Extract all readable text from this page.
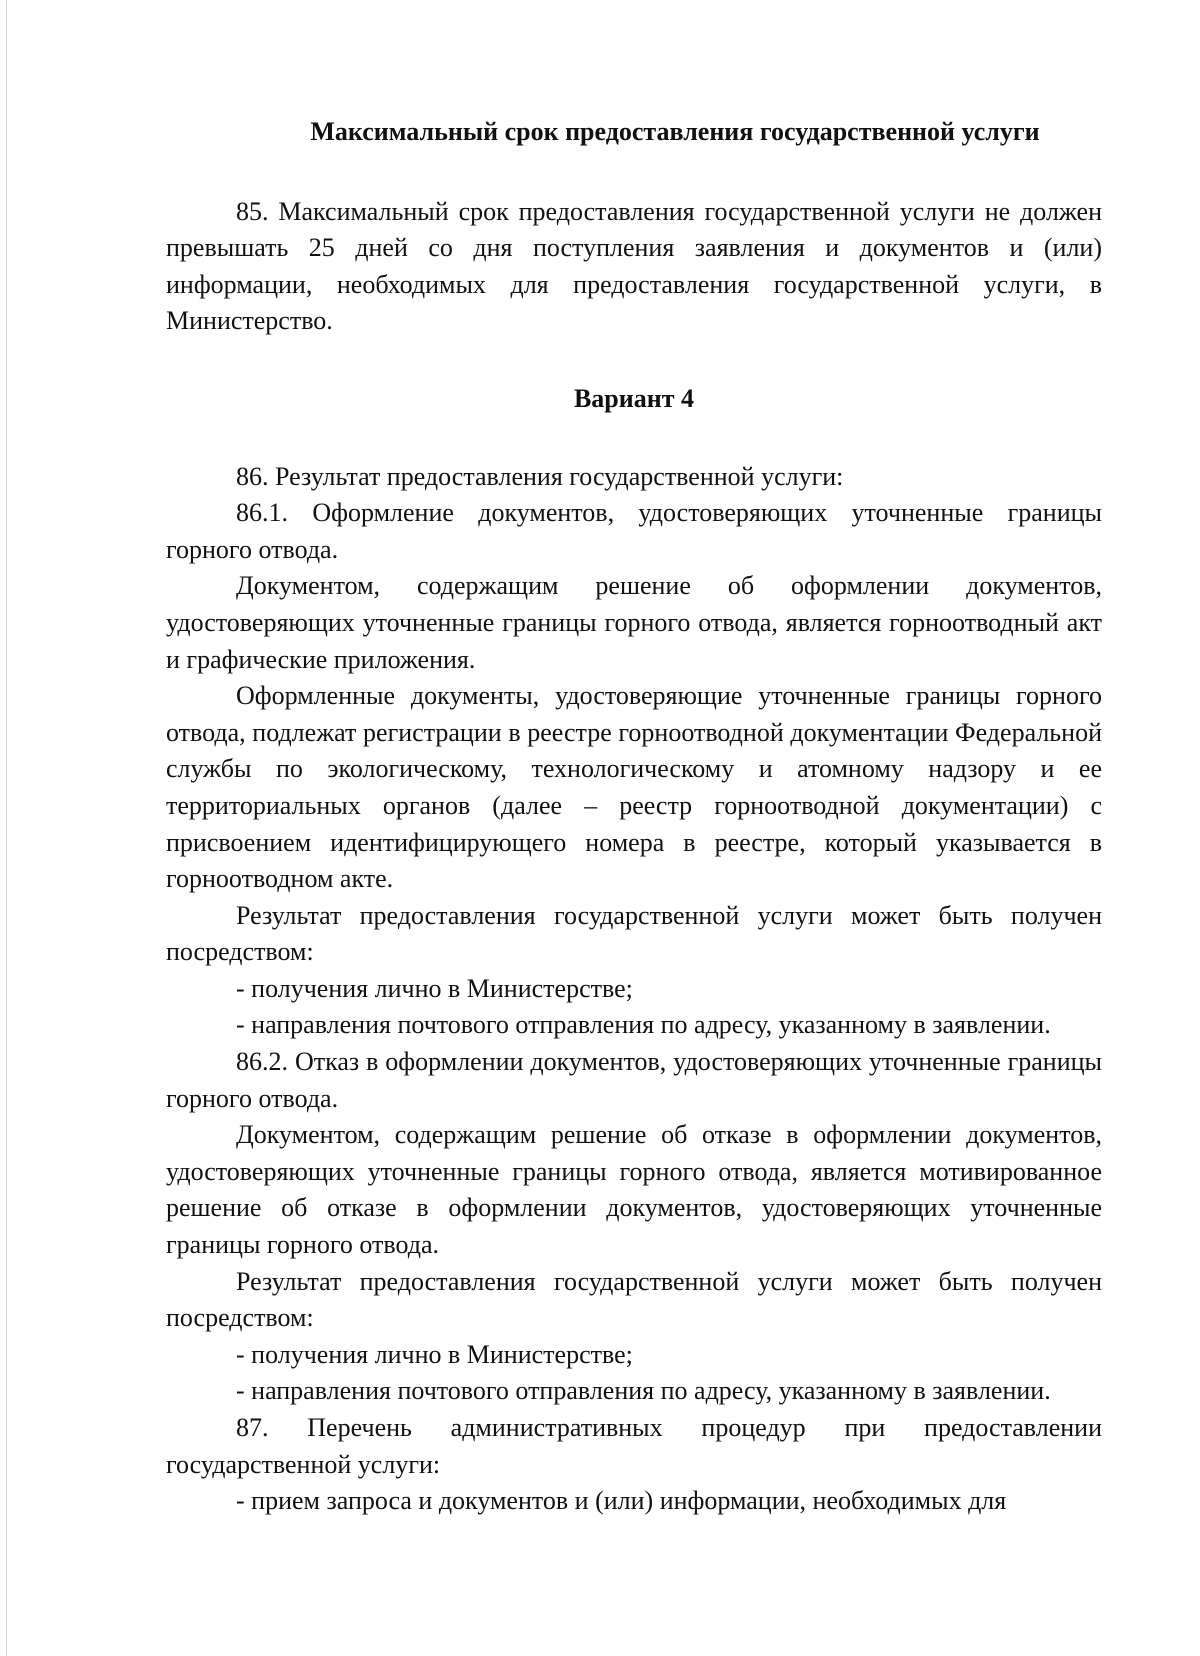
Максимальный срок предоставления государственной услуги

85. Максимальный срок предоставления государственной услуги не должен превышать 25 дней со дня поступления заявления и документов и (или) информации, необходимых для предоставления государственной услуги, в Министерство.

Вариант 4

86. Результат предоставления государственной услуги:

86.1. Оформление документов, удостоверяющих уточненные границы горного отвода.

Документом, содержащим решение об оформлении документов, удостоверяющих уточненные границы горного отвода, является горноотводный акт и графические приложения.

Оформленные документы, удостоверяющие уточненные границы горного отвода, подлежат регистрации в реестре горноотводной документации Федеральной службы по экологическому, технологическому и атомному надзору и ее территориальных органов (далее – реестр горноотводной документации) с присвоением идентифицирующего номера в реестре, который указывается в горноотводном акте.

Результат предоставления государственной услуги может быть получен посредством:

- получения лично в Министерстве;

- направления почтового отправления по адресу, указанному в заявлении.

86.2. Отказ в оформлении документов, удостоверяющих уточненные границы горного отвода.

Документом, содержащим решение об отказе в оформлении документов, удостоверяющих уточненные границы горного отвода, является мотивированное решение об отказе в оформлении документов, удостоверяющих уточненные границы горного отвода.

Результат предоставления государственной услуги может быть получен посредством:

- получения лично в Министерстве;

- направления почтового отправления по адресу, указанному в заявлении.

87. Перечень административных процедур при предоставлении государственной услуги:

- прием запроса и документов и (или) информации, необходимых для
